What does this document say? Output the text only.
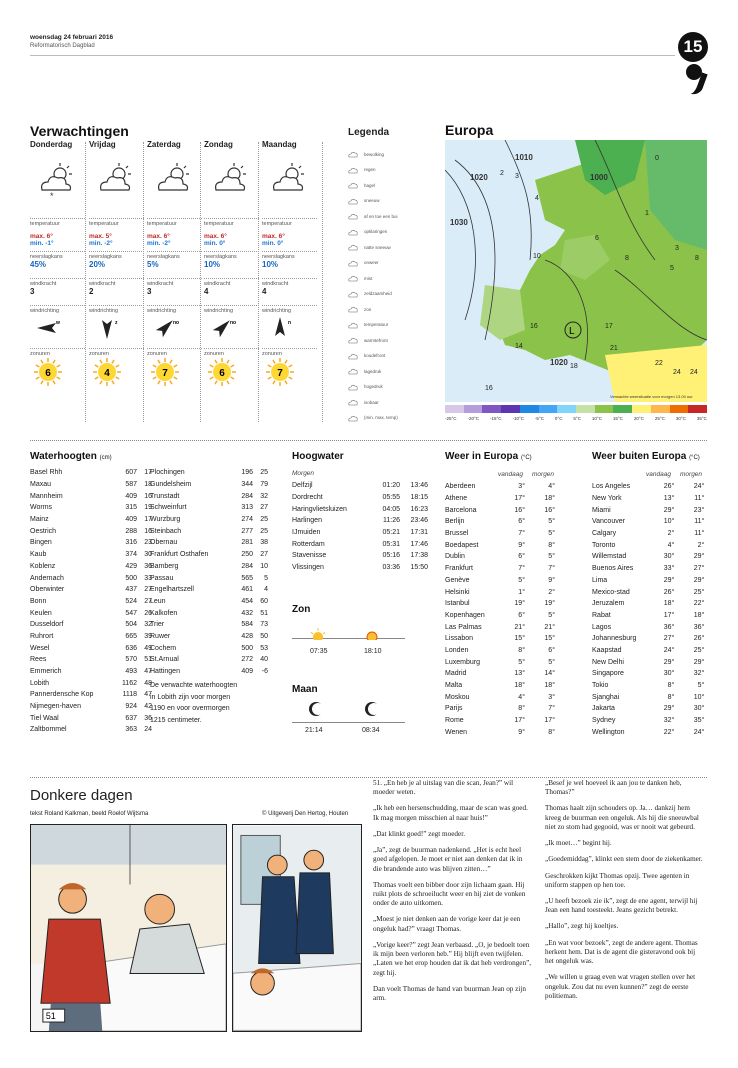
woensdag 24 februari 2016
Reformatorisch Dagblad	15
Verwachtingen
Donderdag
*
temperatuur
max. 6°
min. -1°
neerslagkans
45%
windkracht
3
windrichting
w
zonuren
6
Vrijdag
temperatuur
max. 5°
min. -2°
neerslagkans
20%
windkracht
2
windrichting
z
zonuren
4
Zaterdag
temperatuur
max. 6°
min. -2°
neerslagkans
5%
windkracht
3
windrichting
no
zonuren
7
Zondag
temperatuur
max. 6°
min. 0°
neerslagkans
10%
windkracht
4
windrichting
no
zonuren
6
Maandag
temperatuur
max. 6°
min. 0°
neerslagkans
10%
windkracht
4
windrichting
n
zonuren
7
Legenda
bewolking
regen
hagel
sneeuw
af en toe een bui
opklaringen
natte sneeuw
onweer
mist
zeldzaamheid
zon
temperatuur
warmtefront
koudefront
lagedruk
hogedruk
isobaar
(min. max. temp)
Europa
1010
1000
1020
1030
1020
L
2 3
0
1
3
5
8
10
14
16	17
24
18
16
21
22
24
8
6
4
Verwachte weersituatie voor morgen 13.00 uur
-25°C -20°C -15°C -10°C -5°C 0°C 5°C 10°C 15°C 20°C 25°C 30°C 35°C
Waterhoogten (cm)
Basel Rhh	607	17
Maxau	587	18
Mannheim	409	16
Worms	315	19
Mainz	409	17
Oestrich	288	16
Bingen	316	23
Kaub	374	30
Koblenz	429	36
Andernach	500	33
Oberwinter	437	27
Bonn	524	27
Keulen	547	26
Dusseldorf	504	32
Ruhrort	665	39
Wesel	636	49
Rees	570	51
Emmerich	493	47
Lobith	1162	48
Pannerdensche Kop	1118	47
Nijmegen-haven	924	42
Tiel Waal	637	36
Zaltbommel	363	24
Plochingen	196	25
Gundelsheim	344	79
Trunstadt	284	32
Schweinfurt	313	27
Wurzburg	274	25
Steinbach	277	25
Obernau	281	38
Frankfurt Osthafen	250	27
Bamberg	284	10
Passau	565	5
Engelhartszell	461	4
Leun	454	60
Kalkofen	432	51
Trier	584	73
Ruwer	428	50
Cochem	500	53
St.Arnual	272	40
Hattingen	409	-6
De verwachte waterhoogten
in Lobith zijn voor morgen
1190 en voor overmorgen
1215 centimeter.
Hoogwater
Morgen
Delfzijl	01:20	13:46
Dordrecht	05:55	18:15
Haringvlietsluizen	04:05	16:23
Harlingen	11:26	23:46
IJmuiden	05:21	17:31
Rotterdam	05:31	17:46
Stavenisse	05:16	17:38
Vlissingen	03:36	15:50
Zon
07:35	18:10
Maan
21:14	08:34
Weer in Europa (°C)
vandaag morgen
Aberdeen	3°	4°
Athene	17°	18°
Barcelona	16°	16°
Berlijn	6°	5°
Brussel	7°	5°
Boedapest	9°	8°
Dublin	6°	5°
Frankfurt	7°	7°
Genève	5°	9°
Helsinki	1°	2°
Istanbul	19°	19°
Kopenhagen	6°	5°
Las Palmas	21°	21°
Lissabon	15°	15°
Londen	8°	6°
Luxemburg	5°	5°
Madrid	13°	14°
Malta	18°	18°
Moskou	4°	3°
Parijs	8°	7°
Rome	17°	17°
Wenen	9°	8°
Weer buiten Europa (°C)
vandaag morgen
Los Angeles	26°	24°
New York	13°	11°
Miami	29°	23°
Vancouver	10°	11°
Calgary	2°	11°
Toronto	4°	2°
Willemstad	30°	29°
Buenos Aires	33°	27°
Lima	29°	29°
Mexico-stad	26°	25°
Jeruzalem	18°	22°
Rabat	17°	18°
Lagos	36°	36°
Johannesburg	27°	26°
Kaapstad	24°	25°
New Delhi	29°	29°
Singapore	30°	32°
Tokio	8°	5°
Sjanghai	8°	10°
Jakarta	29°	30°
Sydney	32°	35°
Wellington	22°	24°
Donkere dagen
tekst Roland Kalkman, beeld Roelof Wijtsma	© Uitgeverij Den Hertog, Houten
51

51. „En heb je al uitslag van die scan, Jean?” wil moeder weten.

„Ik heb een hersenschudding, maar de scan was goed. Ik mag morgen misschien al naar huis!”

„Dat klinkt goed!” zegt moeder.

„Ja”, zegt de buurman nadenkend. „Het is echt heel goed afgelopen. Je moet er niet aan denken dat ik in die brandende auto was blijven zitten…”

Thomas voelt een bibber door zijn lichaam gaan. Hij ruikt plots de schroeilucht weer en hij ziet de vonken onder de auto uitkomen.

„Moest je niet denken aan de vorige keer dat je een ongeluk had?” vraagt Thomas.

„Vorige keer?” zegt Jean verbaasd. „O, je bedoelt toen ik mijn been verloren heb.” Hij blijft even twijfelen. „Laten we het erop houden dat ik dat heb verdrongen”, zegt hij.

Dan voelt Thomas de hand van buurman Jean op zijn arm.

„Besef je wel hoeveel ik aan jou te danken heb, Thomas?”

Thomas haalt zijn schouders op. Ja… dankzij hem kreeg de buurman een ongeluk. Als hij die sneeuwbal niet zo stom had gegooid, was er nooit wat gebeurd.

„Ik moet…” begint hij.

„Goedemiddag”, klinkt een stem door de ziekenkamer.

Geschrokken kijkt Thomas opzij. Twee agenten in uniform stappen op hen toe.

„U heeft bezoek zie ik”, zegt de ene agent, terwijl hij Jean een hand toesteekt. Jeans gezicht betrekt.

„Hallo”, zegt hij koeltjes.

„En wat voor bezoek”, zegt de andere agent. Thomas herkent hem. Dat is de agent die gisteravond ook bij het ongeluk was.

„We willen u graag even wat vragen stellen over het ongeluk. Zou dat nu even kunnen?” zegt de eerste politieman.
